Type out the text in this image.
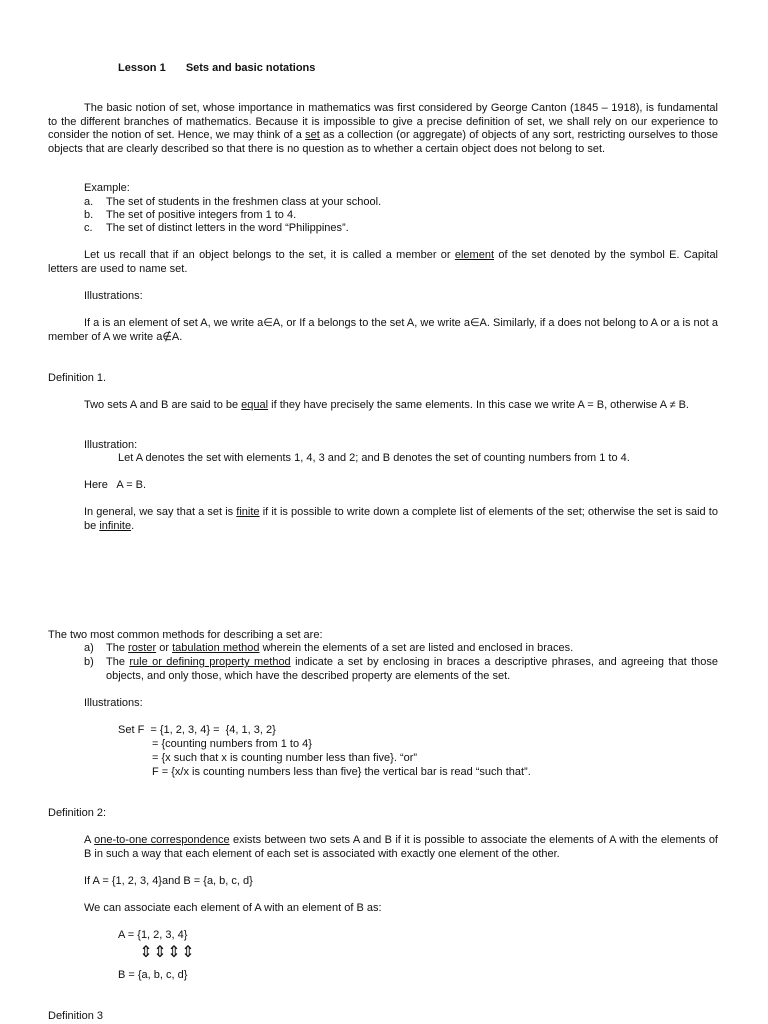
Lesson 1 Sets and basic notations
The basic notion of set, whose importance in mathematics was first considered by George Canton (1845 – 1918), is fundamental to the different branches of mathematics. Because it is impossible to give a precise definition of set, we shall rely on our experience to consider the notion of set. Hence, we may think of a set as a collection (or aggregate) of objects of any sort, restricting ourselves to those objects that are clearly described so that there is no question as to whether a certain object does not belong to set.
Example:
a. The set of students in the freshmen class at your school.
b. The set of positive integers from 1 to 4.
c. The set of distinct letters in the word “Philippines”.
Let us recall that if an object belongs to the set, it is called a member or element of the set denoted by the symbol E. Capital letters are used to name set.
Illustrations:
If a is an element of set A, we write a∈A, or If a belongs to the set A, we write a∈A. Similarly, if a does not belong to A or a is not a member of A we write a∉A.
Definition 1.
Two sets A and B are said to be equal if they have precisely the same elements. In this case we write A = B, otherwise A ≠ B.
Illustration:
Let A denotes the set with elements 1, 4, 3 and 2; and B denotes the set of counting numbers from 1 to 4.
Here   A = B.
In general, we say that a set is finite if it is possible to write down a complete list of elements of the set; otherwise the set is said to be infinite.
The two most common methods for describing a set are:
a) The roster or tabulation method wherein the elements of a set are listed and enclosed in braces.
b) The rule or defining property method indicate a set by enclosing in braces a descriptive phrases, and agreeing that those objects, and only those, which have the described property are elements of the set.
Illustrations:
Set F  = {1, 2, 3, 4} =  {4, 1, 3, 2}
= {counting numbers from 1 to 4}
= {x such that x is counting number less than five}. “or”
F = {x/x is counting numbers less than five} the vertical bar is read “such that”.
Definition 2:
A one-to-one correspondence exists between two sets A and B if it is possible to associate the elements of A with the elements of B in such a way that each element of each set is associated with exactly one element of the other.
If A = {1, 2, 3, 4}and B = {a, b, c, d}
We can associate each element of A with an element of B as:
A = {1, 2, 3, 4}
⇕⇕⇕⇕
B = {a, b, c, d}
Definition 3
